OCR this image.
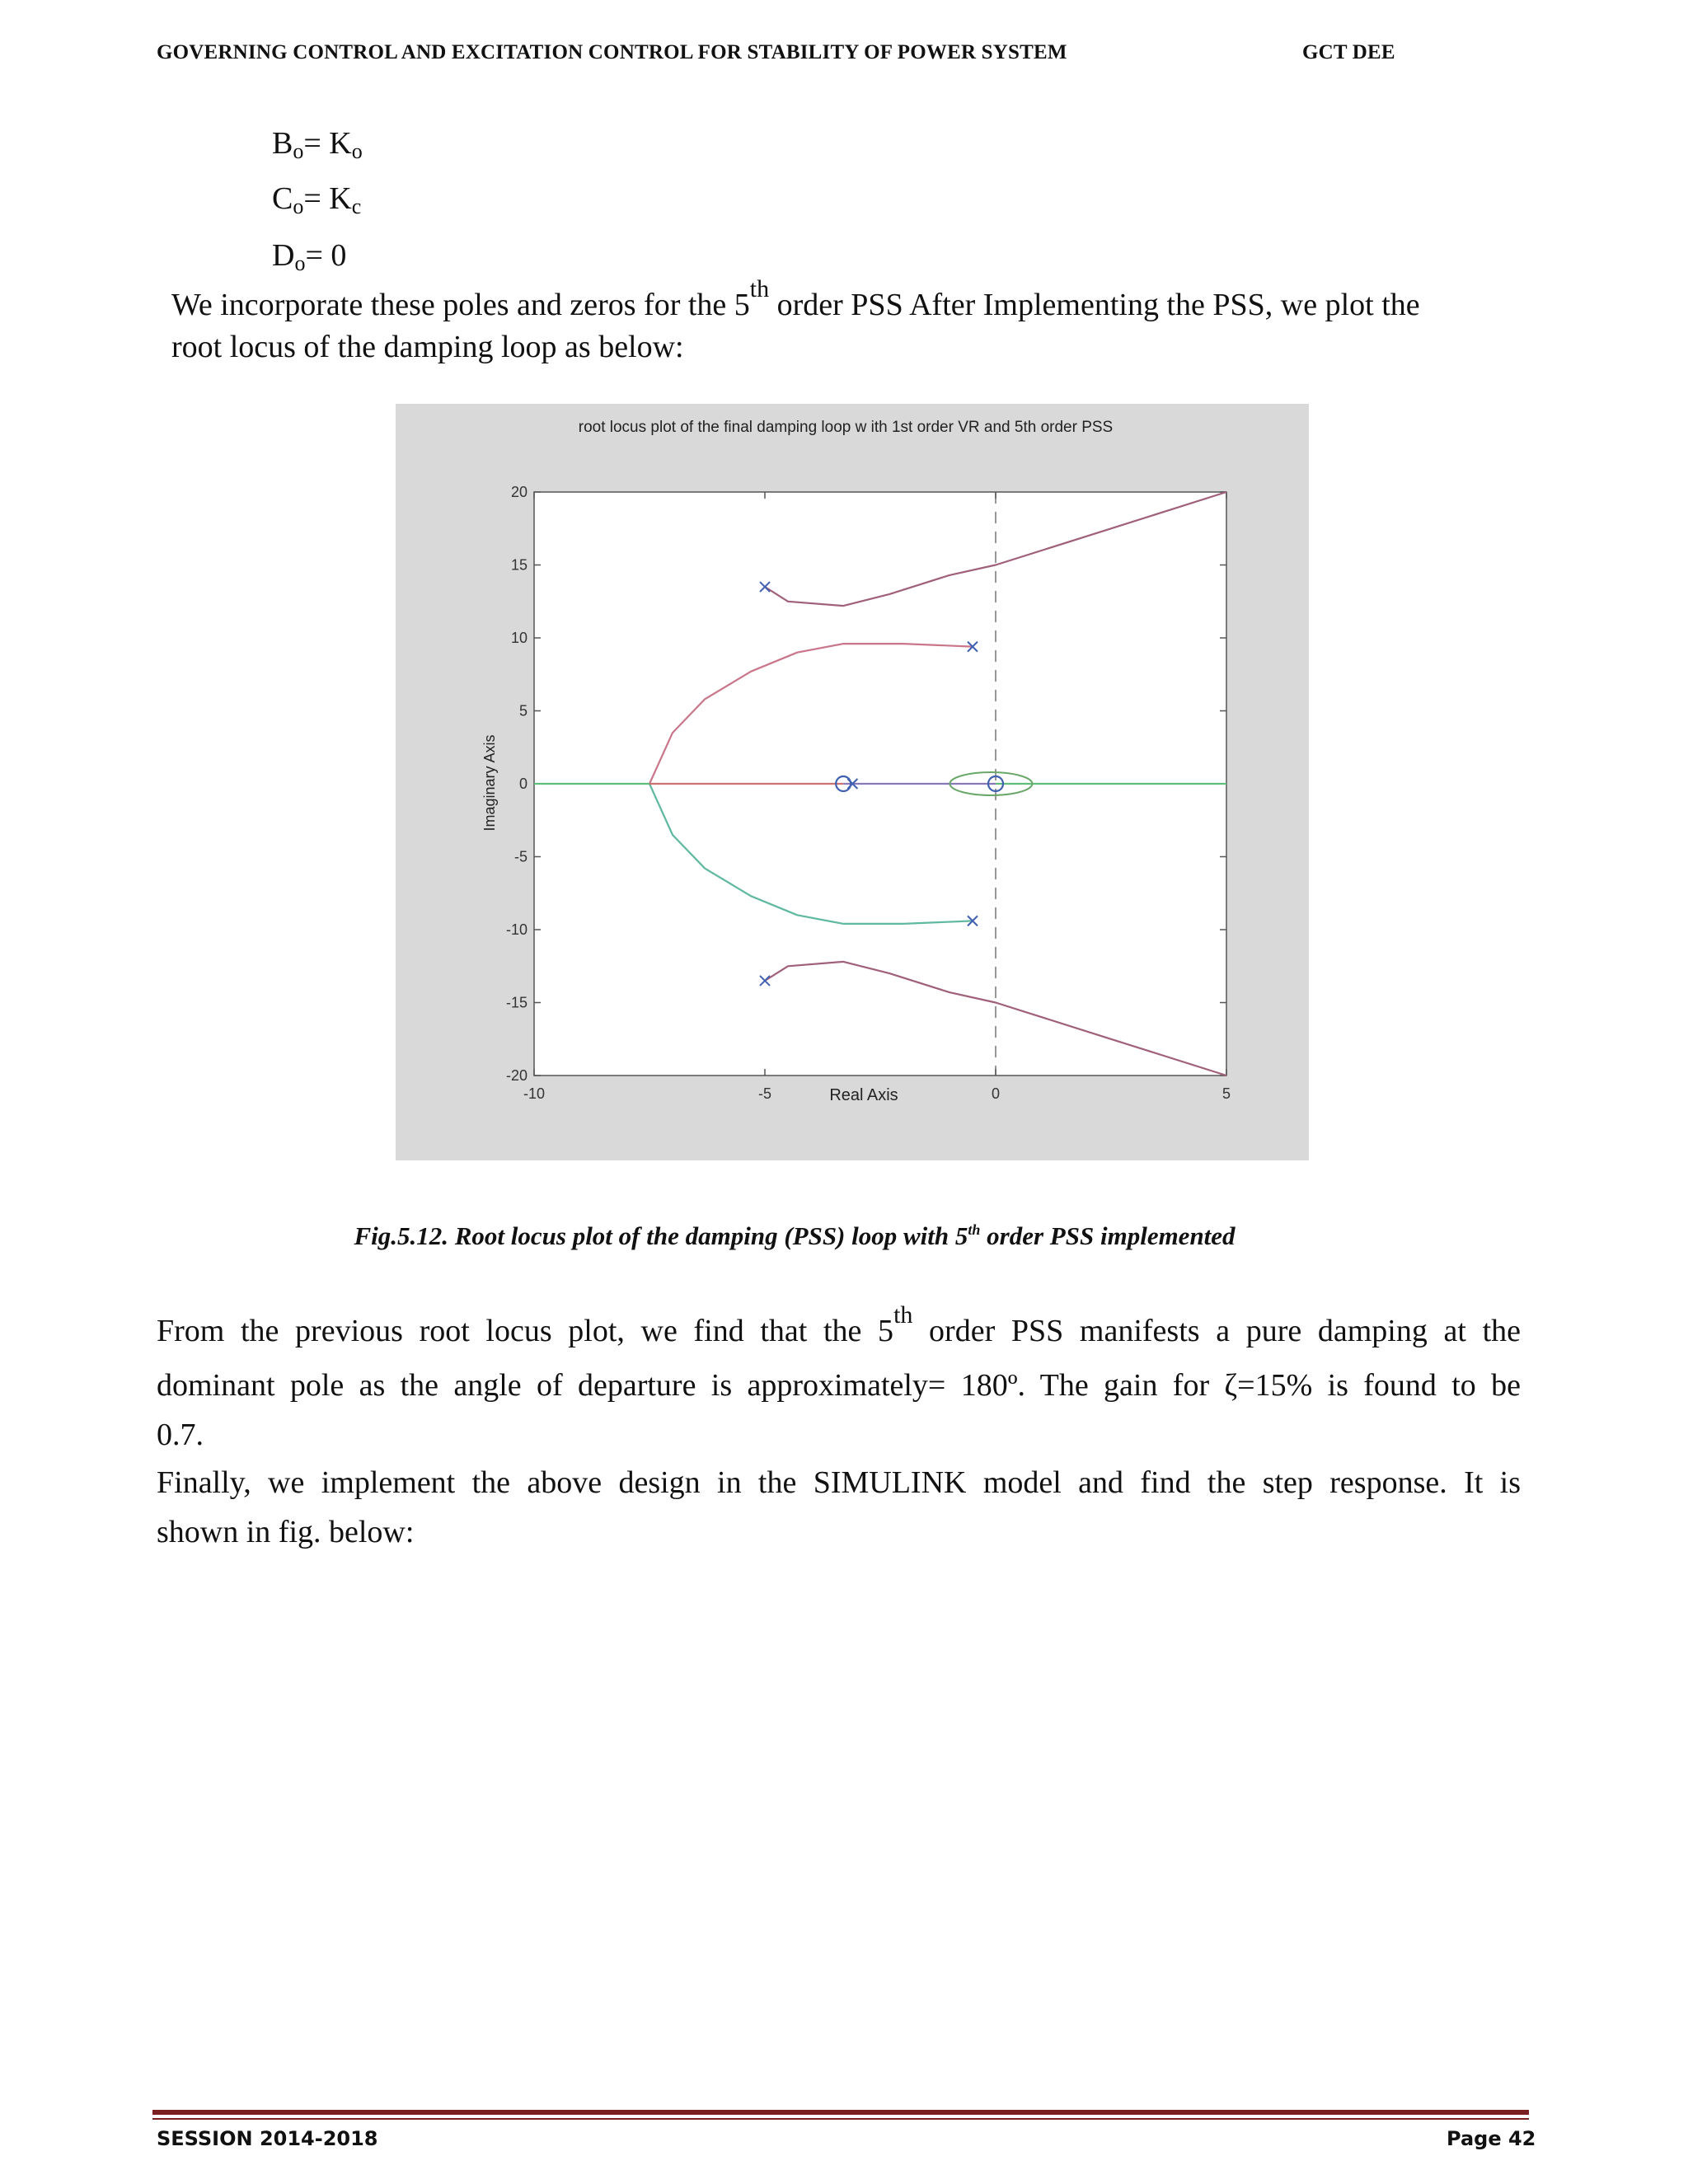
GOVERNING CONTROL AND EXCITATION CONTROL FOR STABILITY OF POWER SYSTEM	GCT DEE
$B_o= K_o$
$C_o= K_c$
$D_o= 0$
We incorporate these poles and zeros for the 5th order PSS After Implementing the PSS, we plot the
root locus of the damping loop as below:
root locus plot of the final damping loop w ith 1st order VR and 5th order PSS
Real Axis
Imaginary Axis
-10	-5	0	5
20
15
10
5
0
-5
-10
-15
-20
Fig.5.12. Root locus plot of the damping (PSS) loop with 5th order PSS implemented
From the previous root locus plot, we find that the 5th order PSS manifests a pure damping at the
dominant pole as the angle of departure is approximately= 180º. The gain for ζ=15% is found to be
0.7.
Finally, we implement the above design in the SIMULINK model and find the step response. It is
shown in fig. below:
SESSION 2014-2018	Page 42
